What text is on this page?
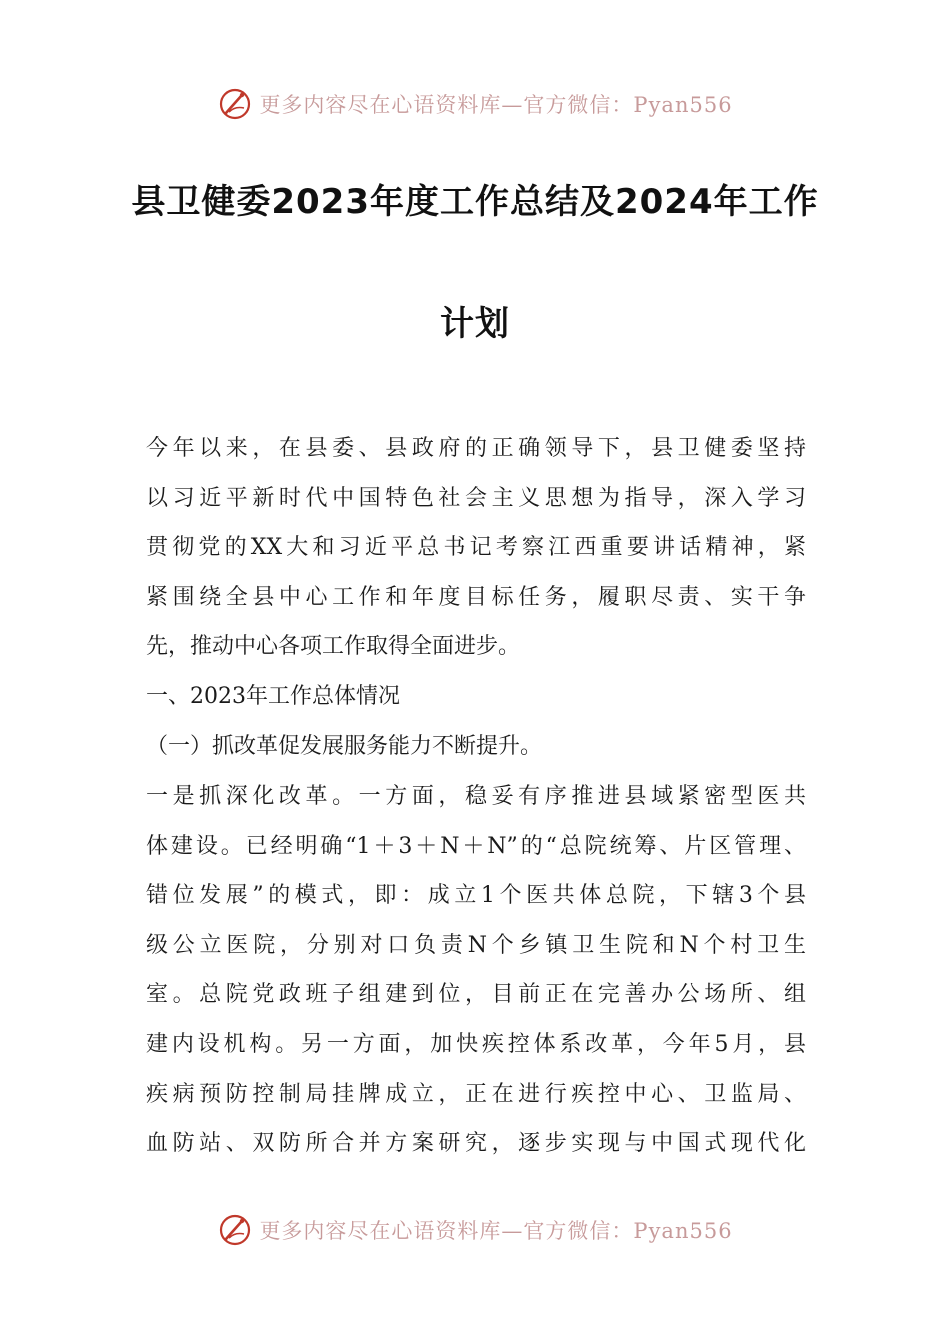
更多内容尽在心语资料库—官方微信：Pyan556
县卫健委2023年度工作总结及2024年工作
计划
今年以来，在县委、县政府的正确领导下，县卫健委坚持
以习近平新时代中国特色社会主义思想为指导，深入学习
贯彻党的XX大和习近平总书记考察江西重要讲话精神，紧
紧围绕全县中心工作和年度目标任务，履职尽责、实干争
先，推动中心各项工作取得全面进步。
一、2023年工作总体情况
（一）抓改革促发展服务能力不断提升。
一是抓深化改革。一方面，稳妥有序推进县域紧密型医共
体建设。已经明确“1＋3＋N＋N”的“总院统筹、片区管理、
错位发展”的模式，即：成立1个医共体总院，下辖3个县
级公立医院，分别对口负责N个乡镇卫生院和N个村卫生
室。总院党政班子组建到位，目前正在完善办公场所、组
建内设机构。另一方面，加快疾控体系改革，今年5月，县
疾病预防控制局挂牌成立，正在进行疾控中心、卫监局、
血防站、双防所合并方案研究，逐步实现与中国式现代化
更多内容尽在心语资料库—官方微信：Pyan556
